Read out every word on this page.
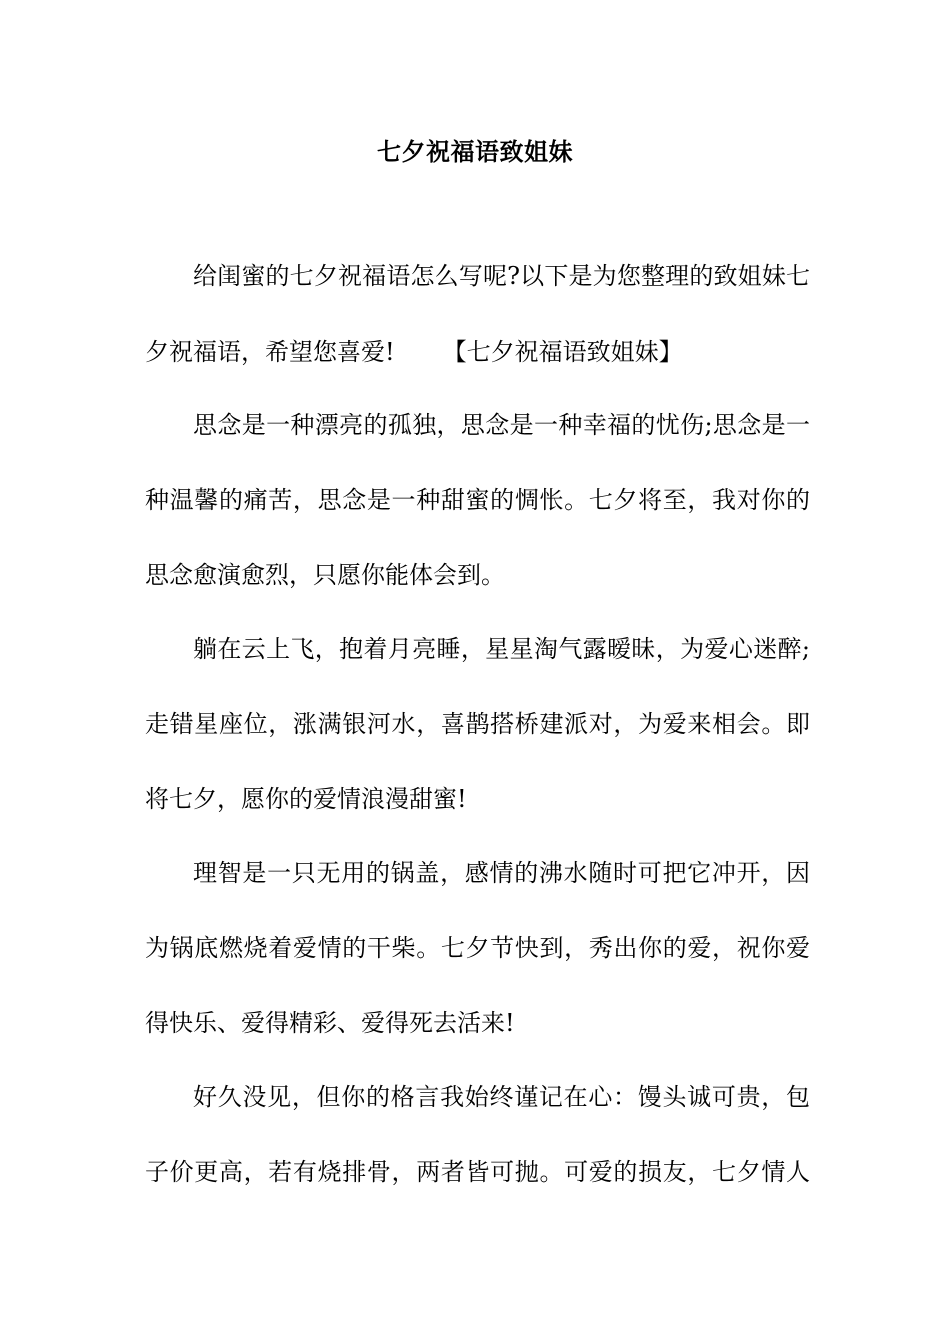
七夕祝福语致姐妹
给闺蜜的七夕祝福语怎么写呢?以下是为您整理的致姐妹七
夕祝福语，希望您喜爱! 【七夕祝福语致姐妹】
思念是一种漂亮的孤独，思念是一种幸福的忧伤;思念是一
种温馨的痛苦，思念是一种甜蜜的惆怅。七夕将至，我对你的
思念愈演愈烈，只愿你能体会到。
躺在云上飞，抱着月亮睡，星星淘气露暧昧，为爱心迷醉;
走错星座位，涨满银河水，喜鹊搭桥建派对，为爱来相会。即
将七夕，愿你的爱情浪漫甜蜜!
理智是一只无用的锅盖，感情的沸水随时可把它冲开，因
为锅底燃烧着爱情的干柴。七夕节快到，秀出你的爱，祝你爱
得快乐、爱得精彩、爱得死去活来!
好久没见，但你的格言我始终谨记在心：馒头诚可贵，包
子价更高，若有烧排骨，两者皆可抛。可爱的损友，七夕情人
